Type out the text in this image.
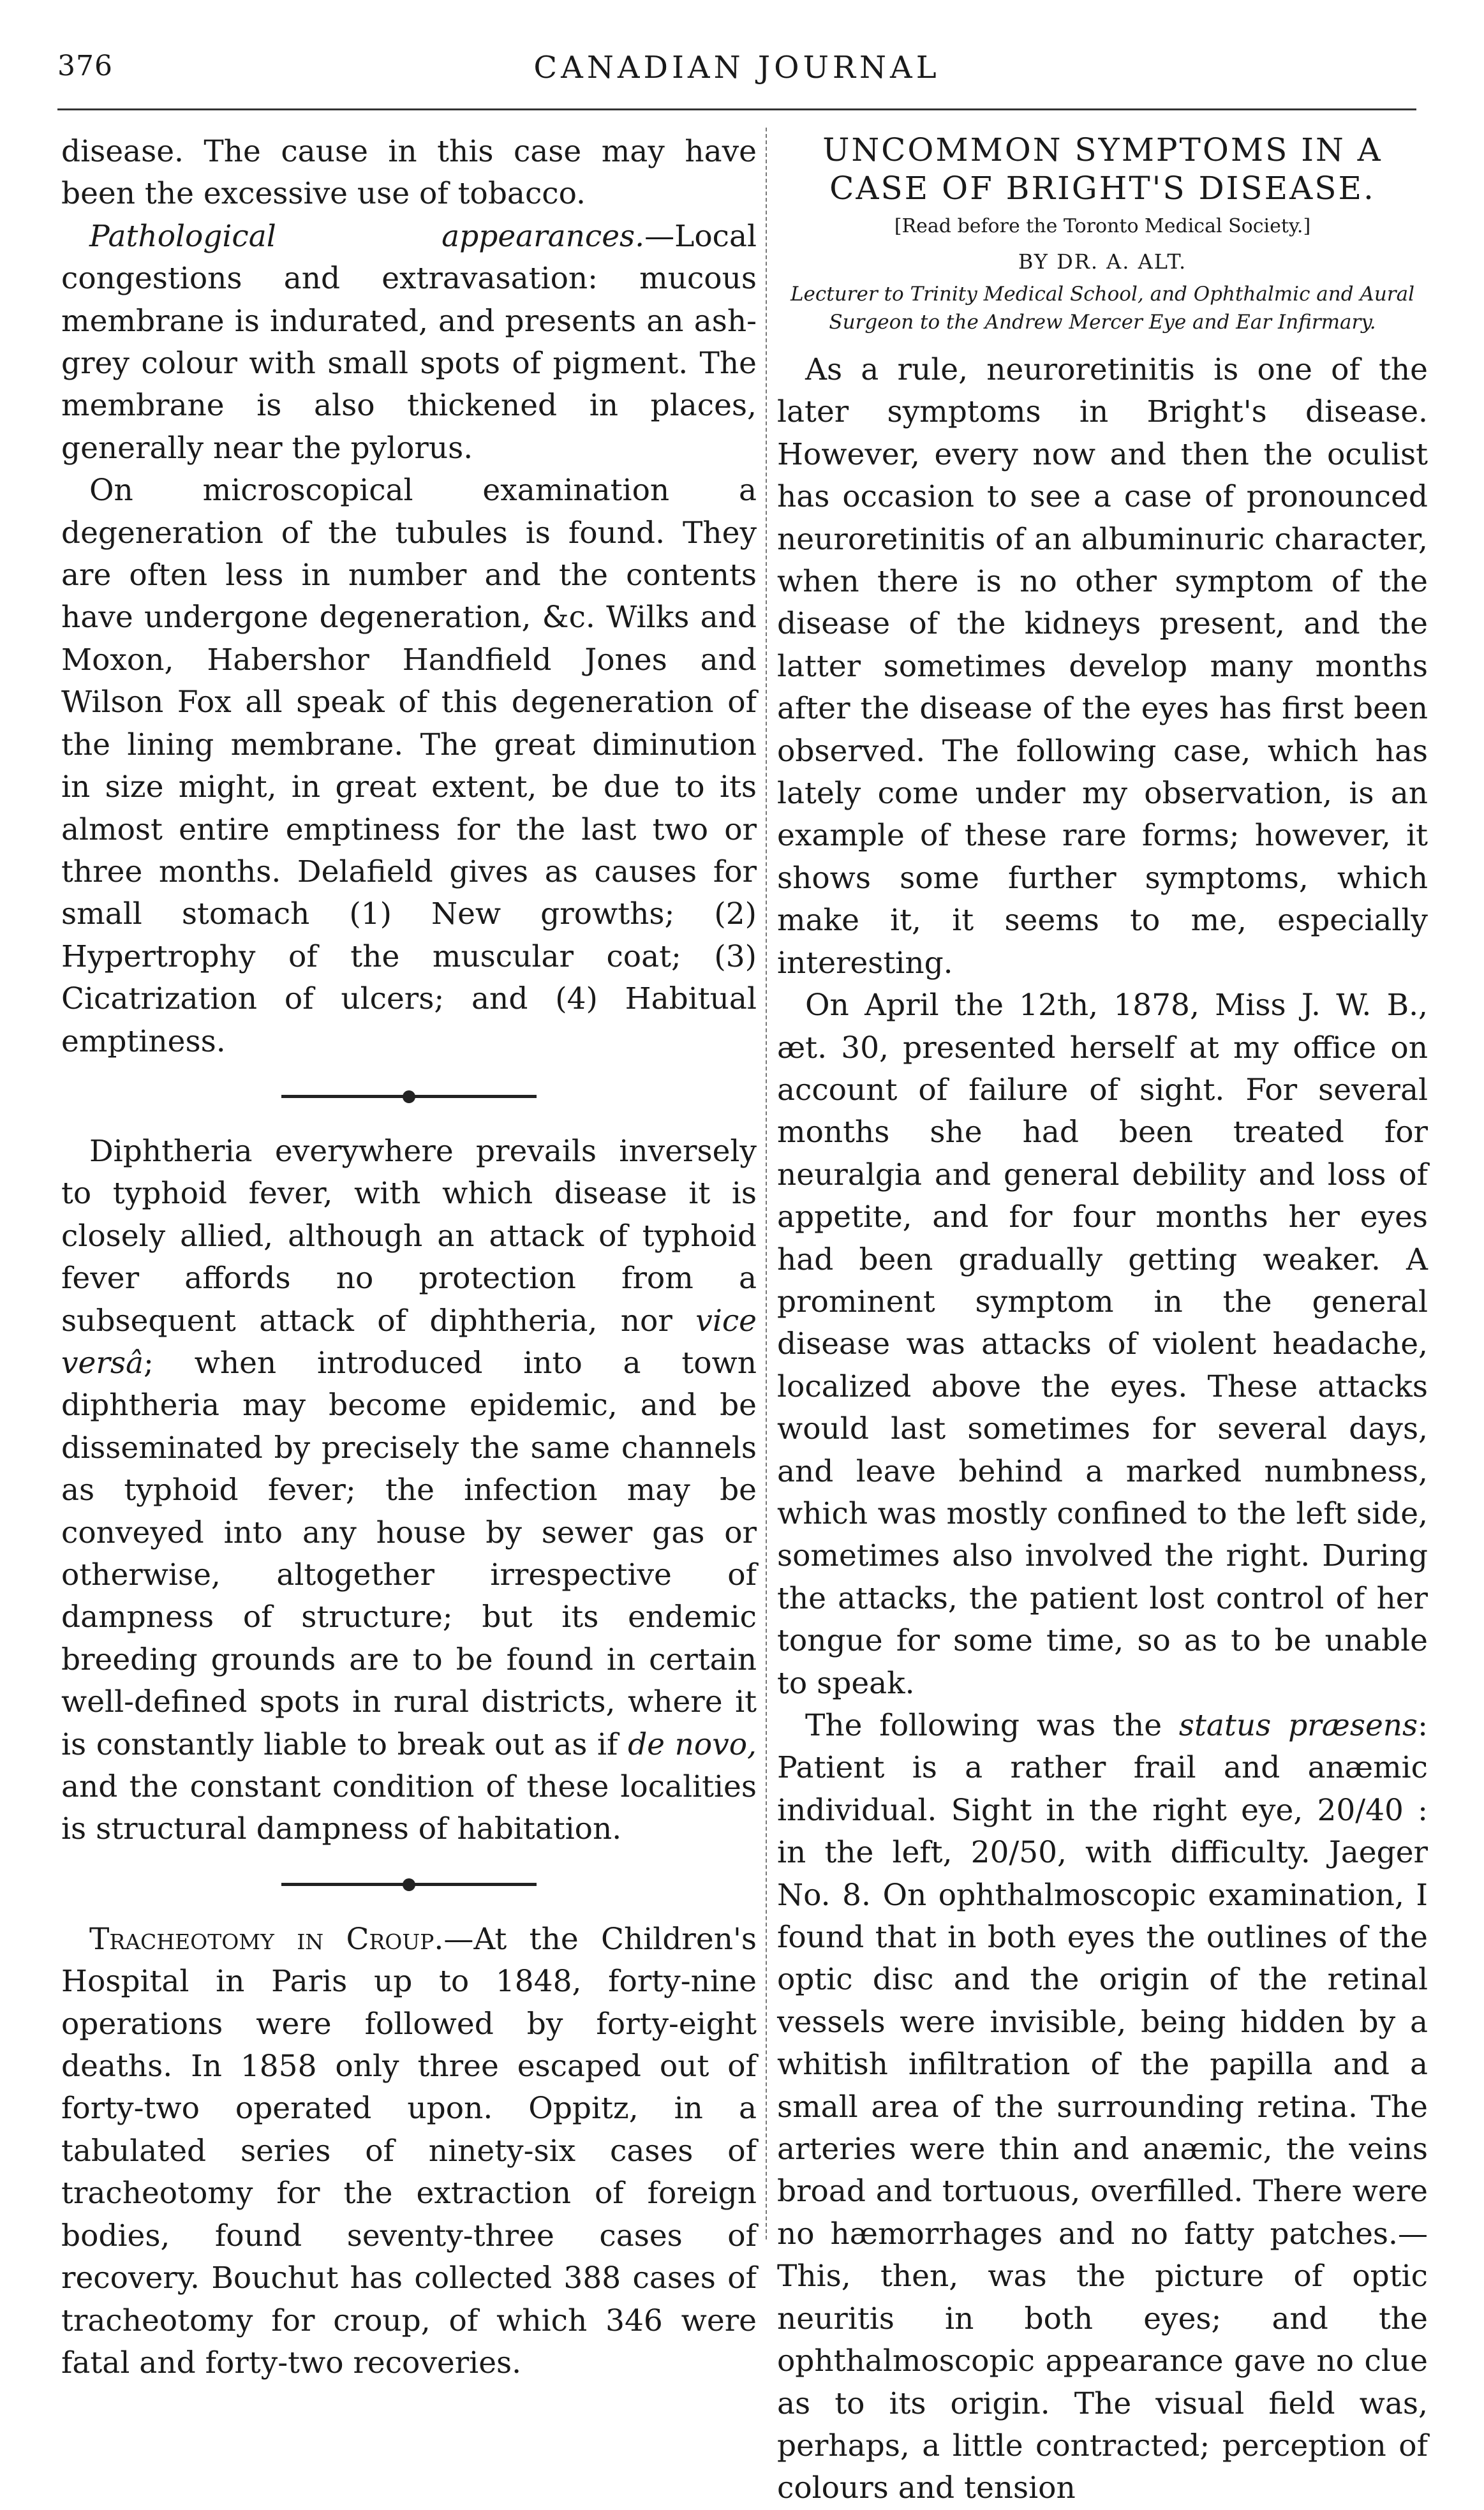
376	CANADIAN JOURNAL

disease. The cause in this case may have been the excessive use of tobacco.

Pathological appearances.—Local congestions and extravasation: mucous membrane is indurated, and presents an ash-grey colour with small spots of pigment. The membrane is also thickened in places, generally near the pylorus.

On microscopical examination a degeneration of the tubules is found. They are often less in number and the contents have undergone degeneration, &c. Wilks and Moxon, Habershor Handfield Jones and Wilson Fox all speak of this degeneration of the lining membrane. The great diminution in size might, in great extent, be due to its almost entire emptiness for the last two or three months. Delafield gives as causes for small stomach (1) New growths; (2) Hypertrophy of the muscular coat; (3) Cicatrization of ulcers; and (4) Habitual emptiness.

Diphtheria everywhere prevails inversely to typhoid fever, with which disease it is closely allied, although an attack of typhoid fever affords no protection from a subsequent attack of diphtheria, nor vice versâ; when introduced into a town diphtheria may become epidemic, and be disseminated by precisely the same channels as typhoid fever; the infection may be conveyed into any house by sewer gas or otherwise, altogether irrespective of dampness of structure; but its endemic breeding grounds are to be found in certain well-defined spots in rural districts, where it is constantly liable to break out as if de novo, and the constant condition of these localities is structural dampness of habitation.

Tracheotomy in Croup.—At the Children's Hospital in Paris up to 1848, forty-nine operations were followed by forty-eight deaths. In 1858 only three escaped out of forty-two operated upon. Oppitz, in a tabulated series of ninety-six cases of tracheotomy for the extraction of foreign bodies, found seventy-three cases of recovery. Bouchut has collected 388 cases of tracheotomy for croup, of which 346 were fatal and forty-two recoveries.

UNCOMMON SYMPTOMS IN A CASE OF BRIGHT'S DISEASE.
[Read before the Toronto Medical Society.]
BY DR. A. ALT.
Lecturer to Trinity Medical School, and Ophthalmic and Aural Surgeon to the Andrew Mercer Eye and Ear Infirmary.

As a rule, neuroretinitis is one of the later symptoms in Bright's disease. However, every now and then the oculist has occasion to see a case of pronounced neuroretinitis of an albuminuric character, when there is no other symptom of the disease of the kidneys present, and the latter sometimes develop many months after the disease of the eyes has first been observed. The following case, which has lately come under my observation, is an example of these rare forms; however, it shows some further symptoms, which make it, it seems to me, especially interesting.

On April the 12th, 1878, Miss J. W. B., æt. 30, presented herself at my office on account of failure of sight. For several months she had been treated for neuralgia and general debility and loss of appetite, and for four months her eyes had been gradually getting weaker. A prominent symptom in the general disease was attacks of violent headache, localized above the eyes. These attacks would last sometimes for several days, and leave behind a marked numbness, which was mostly confined to the left side, sometimes also involved the right. During the attacks, the patient lost control of her tongue for some time, so as to be unable to speak.

The following was the status præsens: Patient is a rather frail and anæmic individual. Sight in the right eye, 20/40 : in the left, 20/50, with difficulty. Jaeger No. 8. On ophthalmoscopic examination, I found that in both eyes the outlines of the optic disc and the origin of the retinal vessels were invisible, being hidden by a whitish infiltration of the papilla and a small area of the surrounding retina. The arteries were thin and anæmic, the veins broad and tortuous, overfilled. There were no hæmorrhages and no fatty patches.—This, then, was the picture of optic neuritis in both eyes; and the ophthalmoscopic appearance gave no clue as to its origin. The visual field was, perhaps, a little contracted; perception of colours and tension
